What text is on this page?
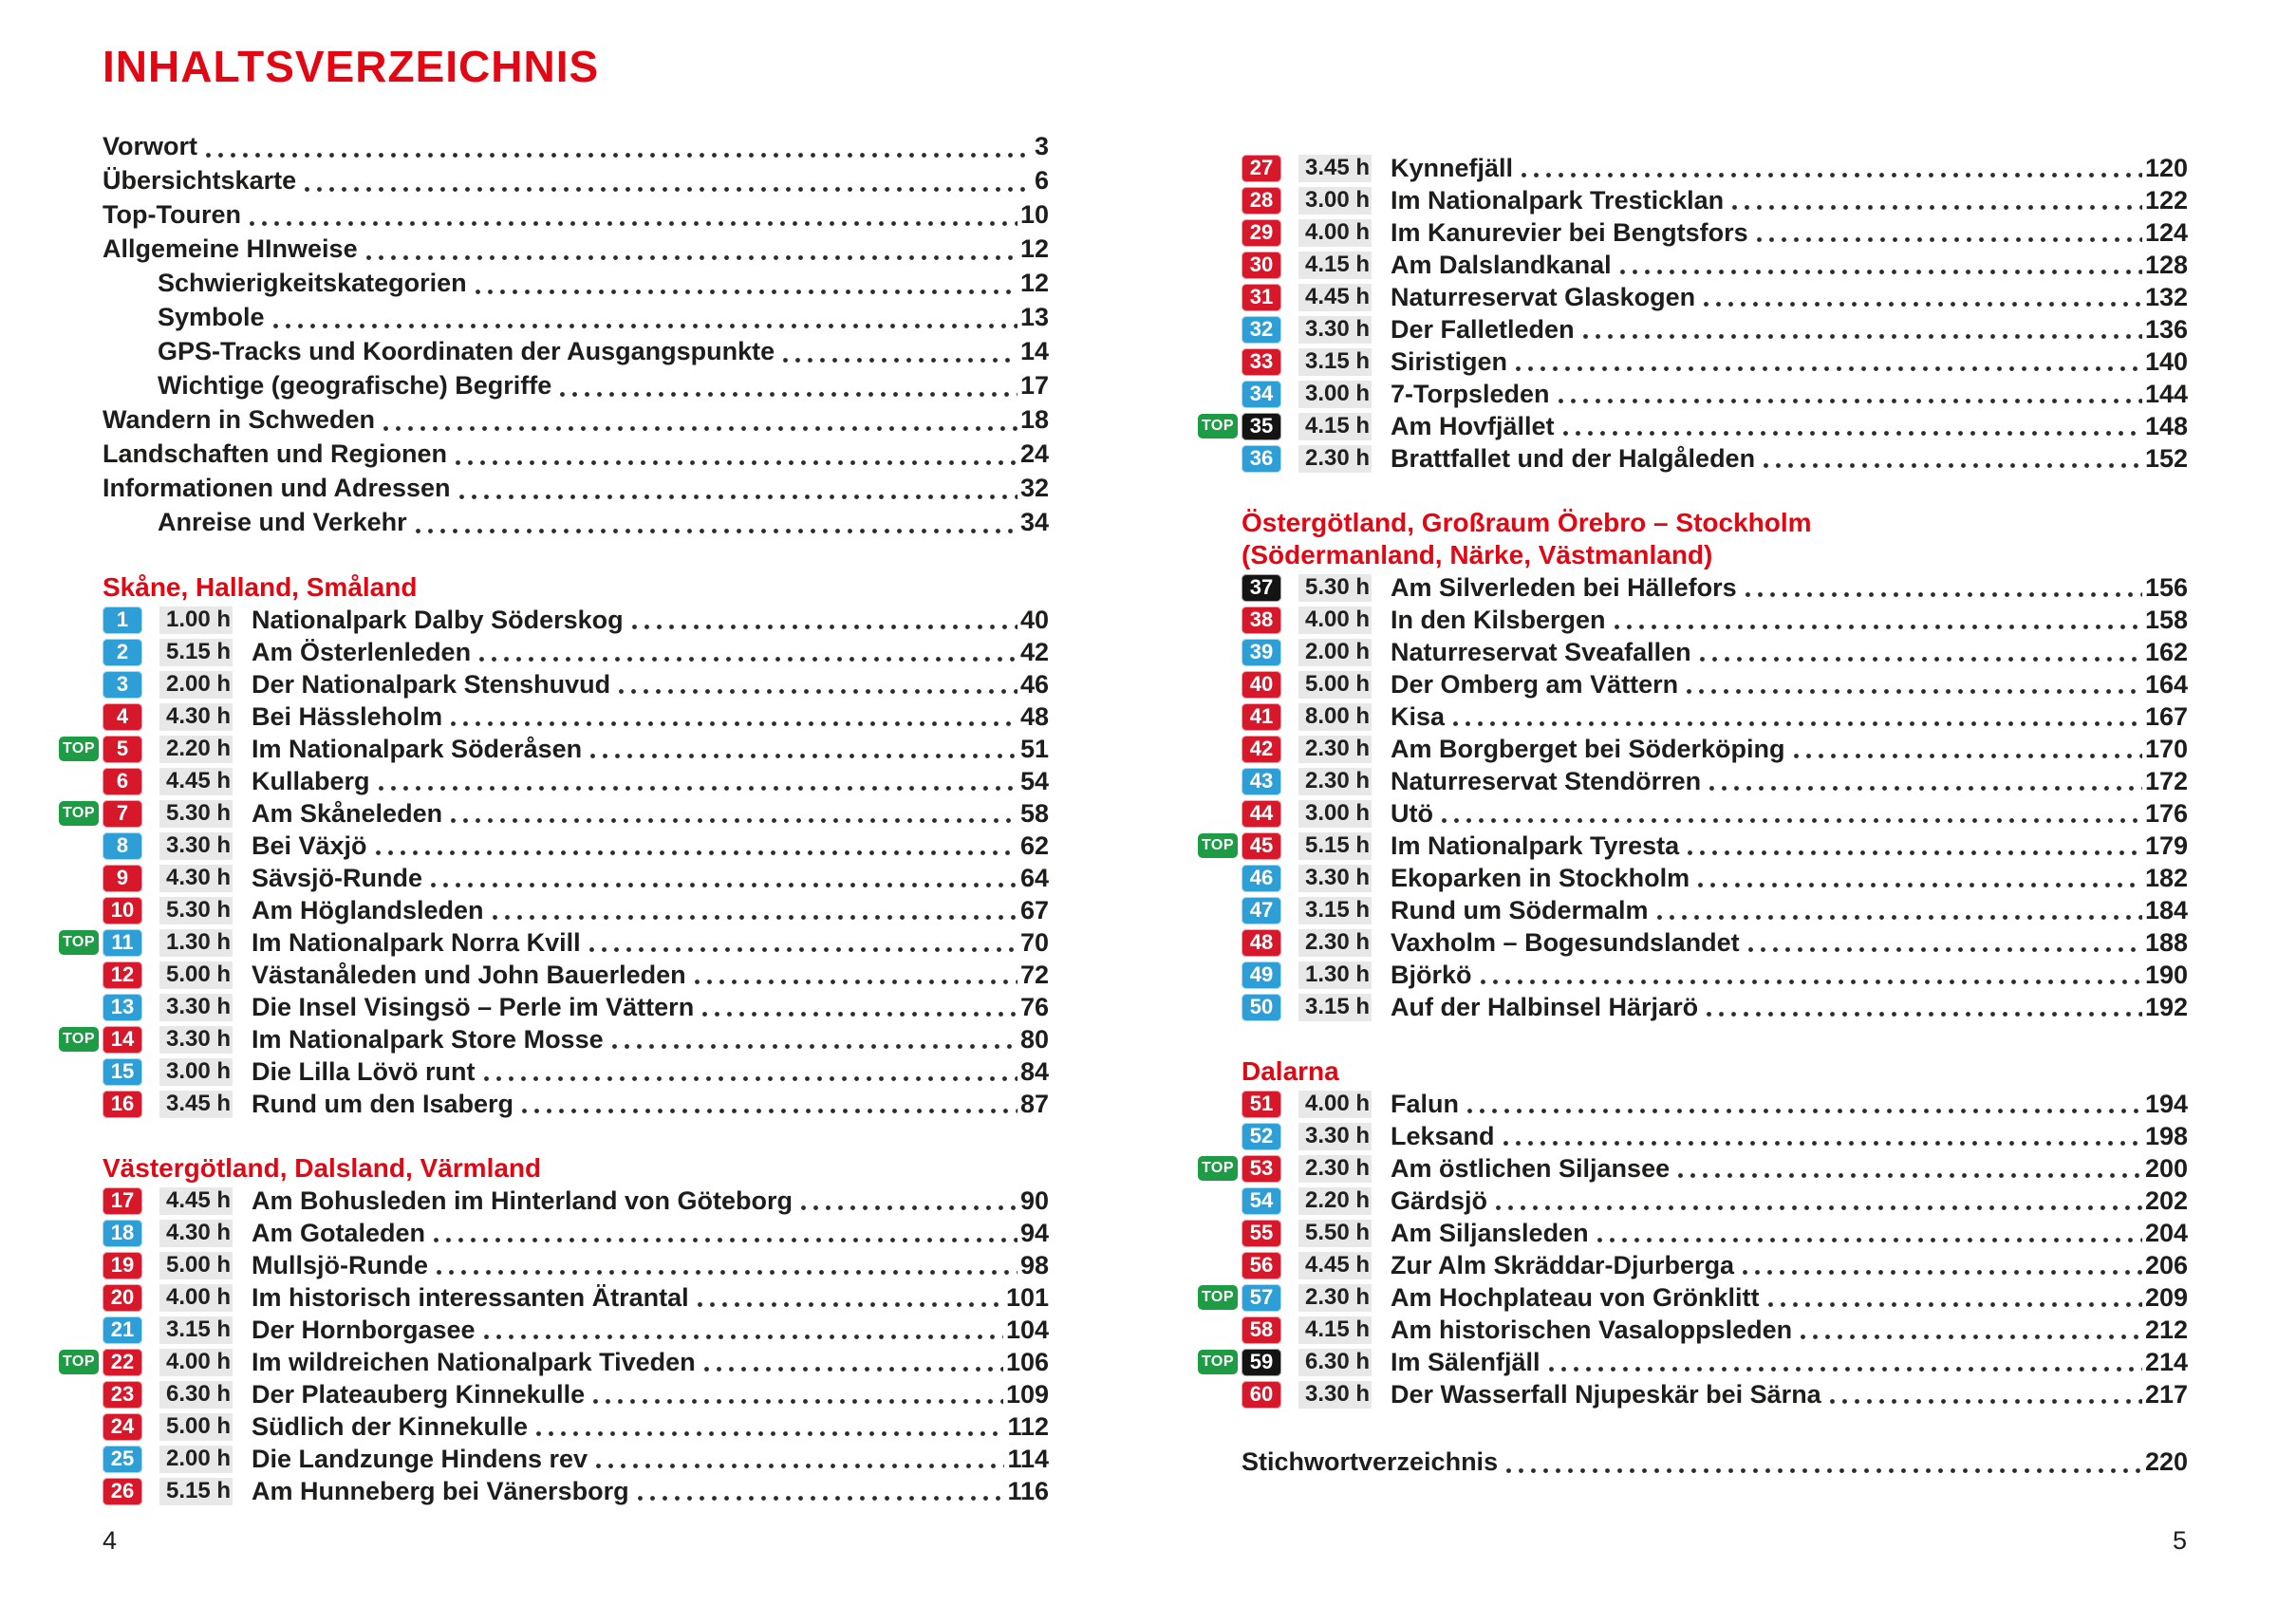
INHALTSVERZEICHNIS
Vorwort	3
Übersichtskarte	6
Top-Touren	10
Allgemeine HInweise	12
Schwierigkeitskategorien	12
Symbole	13
GPS-Tracks und Koordinaten der Ausgangspunkte	14
Wichtige (geografische) Begriffe	17
Wandern in Schweden	18
Landschaften und Regionen	24
Informationen und Adressen	32
Anreise und Verkehr	34
Skåne, Halland, Småland
1	1.00 h Nationalpark Dalby Söderskog	40
2	5.15 h Am Österlenleden	42
3	2.00 h Der Nationalpark Stenshuvud	46
4	4.30 h Bei Hässleholm	48
TOP	5	2.20 h Im Nationalpark Söderåsen	51
6	4.45 h Kullaberg	54
TOP	7	5.30 h Am Skåneleden	58
8	3.30 h Bei Växjö	62
9	4.30 h Sävsjö-Runde	64
10	5.30 h Am Höglandsleden	67
TOP 11	1.30 h Im Nationalpark Norra Kvill	70
12	5.00 h Västanåleden und John Bauerleden	72
13	3.30 h Die Insel Visingsö – Perle im Vättern	76
TOP 14	3.30 h Im Nationalpark Store Mosse	80
15	3.00 h Die Lilla Lövö runt	84
16	3.45 h Rund um den Isaberg	87
Västergötland, Dalsland, Värmland
17	4.45 h Am Bohusleden im Hinterland von Göteborg	90
18	4.30 h Am Gotaleden	94
19	5.00 h Mullsjö-Runde	98
20	4.00 h Im historisch interessanten Ätrantal	101
21	3.15 h Der Hornborgasee	104
TOP 22	4.00 h Im wildreichen Nationalpark Tiveden	106
23	6.30 h Der Plateauberg Kinnekulle	109
24	5.00 h Südlich der Kinnekulle	112
25	2.00 h Die Landzunge Hindens rev	114
26	5.15 h Am Hunneberg bei Vänersborg	116
27	3.45 h Kynnefjäll	120
28	3.00 h Im Nationalpark Tresticklan	122
29	4.00 h Im Kanurevier bei Bengtsfors	124
30	4.15 h Am Dalslandkanal	128
31	4.45 h Naturreservat Glaskogen	132
32	3.30 h Der Falletleden	136
33	3.15 h Siristigen	140
34	3.00 h 7-Torpsleden	144
TOP 35	4.15 h Am Hovfjället	148
36	2.30 h Brattfallet und der Halgåleden	152
Östergötland, Großraum Örebro – Stockholm
(Södermanland, Närke, Västmanland)
37	5.30 h Am Silverleden bei Hällefors	156
38	4.00 h In den Kilsbergen	158
39	2.00 h Naturreservat Sveafallen	162
40	5.00 h Der Omberg am Vättern	164
41	8.00 h Kisa	167
42	2.30 h Am Borgberget bei Söderköping	170
43	2.30 h Naturreservat Stendörren	172
44	3.00 h Utö	176
TOP 45	5.15 h Im Nationalpark Tyresta	179
46	3.30 h Ekoparken in Stockholm	182
47	3.15 h Rund um Södermalm	184
48	2.30 h Vaxholm – Bogesundslandet	188
49	1.30 h Björkö	190
50	3.15 h Auf der Halbinsel Härjarö	192
Dalarna
51	4.00 h Falun	194
52	3.30 h Leksand	198
TOP 53	2.30 h Am östlichen Siljansee	200
54	2.20 h Gärdsjö	202
55	5.50 h Am Siljansleden	204
56	4.45 h Zur Alm Skräddar-Djurberga	206
TOP 57	2.30 h Am Hochplateau von Grönklitt	209
58	4.15 h Am historischen Vasaloppsleden	212
TOP 59	6.30 h Im Sälenfjäll	214
60	3.30 h Der Wasserfall Njupeskär bei Särna	217
Stichwortverzeichnis	220
4	5
